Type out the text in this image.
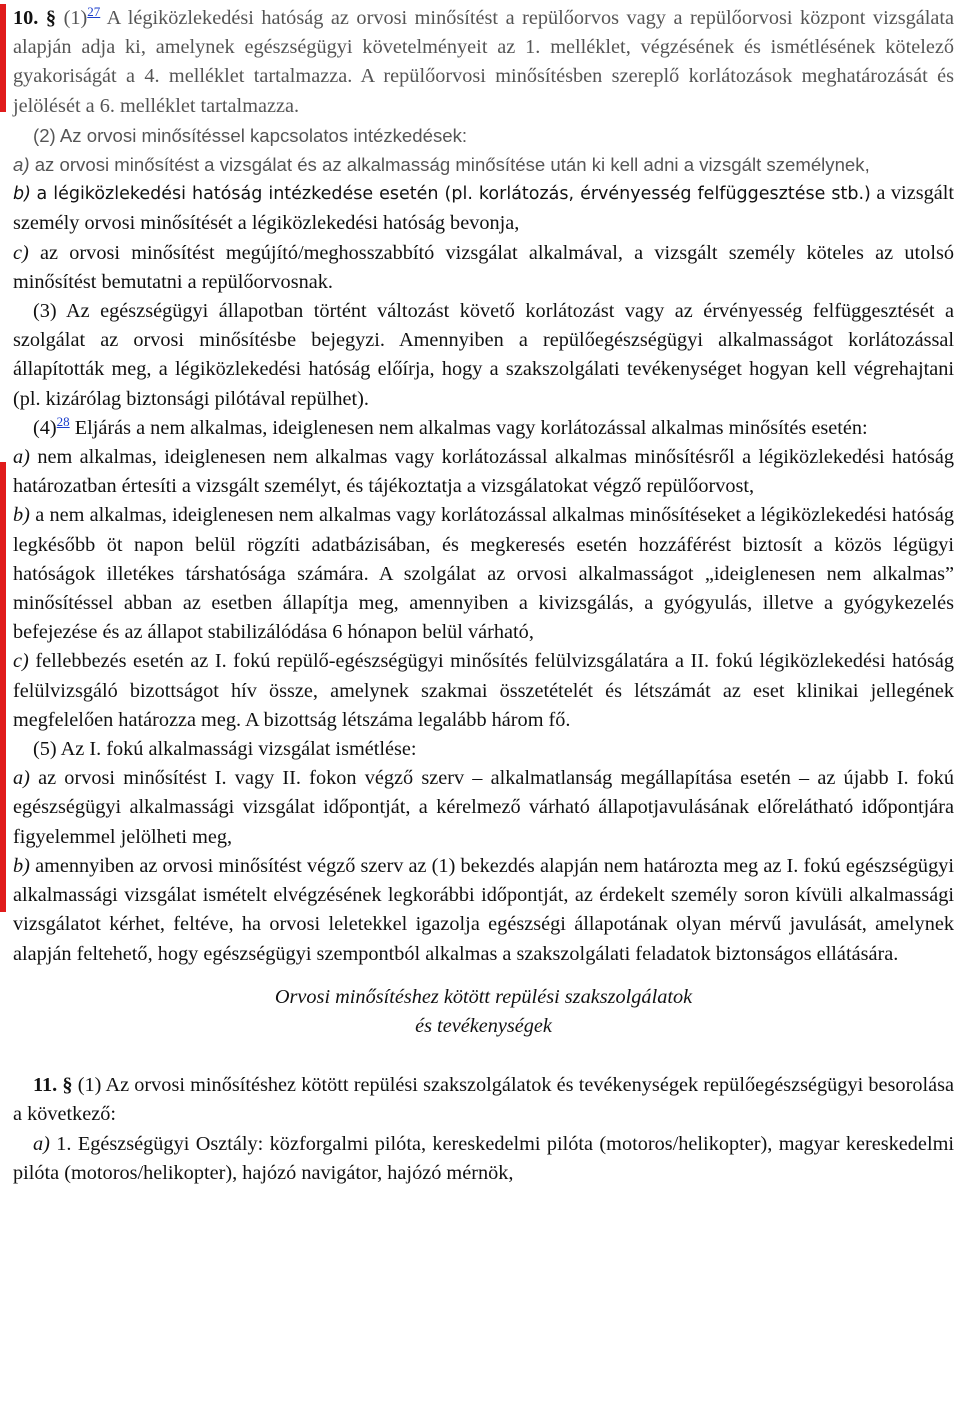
10. § (1)$^{27}$ A légiközlekedési hatóság az orvosi minősítést a repülőorvos vagy a repülőorvosi központ vizsgálata alapján adja ki, amelynek egészségügyi követelményeit az 1. melléklet, végzésének és ismétlésének kötelező gyakoriságát a 4. melléklet tartalmazza. A repülőorvosi minősítésben szereplő korlátozások meghatározását és jelölését a 6. melléklet tartalmazza.

(2) Az orvosi minősítéssel kapcsolatos intézkedések:

a) az orvosi minősítést a vizsgálat és az alkalmasság minősítése után ki kell adni a vizsgált személynek,

b) a légiközlekedési hatóság intézkedése esetén (pl. korlátozás, érvényesség felfüggesztése stb.) a vizsgált személy orvosi minősítését a légiközlekedési hatóság bevonja,

c) az orvosi minősítést megújító/meghosszabbító vizsgálat alkalmával, a vizsgált személy köteles az utolsó minősítést bemutatni a repülőorvosnak.

(3) Az egészségügyi állapotban történt változást követő korlátozást vagy az érvényesség felfüggesztését a szolgálat az orvosi minősítésbe bejegyzi. Amennyiben a repülőegészségügyi alkalmasságot korlátozással állapították meg, a légiközlekedési hatóság előírja, hogy a szakszolgálati tevékenységet hogyan kell végrehajtani (pl. kizárólag biztonsági pilótával repülhet).

(4)$^{28}$ Eljárás a nem alkalmas, ideiglenesen nem alkalmas vagy korlátozással alkalmas minősítés esetén:

a) nem alkalmas, ideiglenesen nem alkalmas vagy korlátozással alkalmas minősítésről a légiközlekedési hatóság határozatban értesíti a vizsgált személyt, és tájékoztatja a vizsgálatokat végző repülőorvost,

b) a nem alkalmas, ideiglenesen nem alkalmas vagy korlátozással alkalmas minősítéseket a légiközlekedési hatóság legkésőbb öt napon belül rögzíti adatbázisában, és megkeresés esetén hozzáférést biztosít a közös légügyi hatóságok illetékes társhatósága számára. A szolgálat az orvosi alkalmasságot „ideiglenesen nem alkalmas” minősítéssel abban az esetben állapítja meg, amennyiben a kivizsgálás, a gyógyulás, illetve a gyógykezelés befejezése és az állapot stabilizálódása 6 hónapon belül várható,

c) fellebbezés esetén az I. fokú repülő-egészségügyi minősítés felülvizsgálatára a II. fokú légiközlekedési hatóság felülvizsgáló bizottságot hív össze, amelynek szakmai összetételét és létszámát az eset klinikai jellegének megfelelően határozza meg. A bizottság létszáma legalább három fő.

(5) Az I. fokú alkalmassági vizsgálat ismétlése:

a) az orvosi minősítést I. vagy II. fokon végző szerv – alkalmatlanság megállapítása esetén – az újabb I. fokú egészségügyi alkalmassági vizsgálat időpontját, a kérelmező várható állapotjavulásának előrelátható időpontjára figyelemmel jelölheti meg,

b) amennyiben az orvosi minősítést végző szerv az (1) bekezdés alapján nem határozta meg az I. fokú egészségügyi alkalmassági vizsgálat ismételt elvégzésének legkorábbi időpontját, az érdekelt személy soron kívüli alkalmassági vizsgálatot kérhet, feltéve, ha orvosi leletekkel igazolja egészségi állapotának olyan mérvű javulását, amelynek alapján feltehető, hogy egészségügyi szempontból alkalmas a szakszolgálati feladatok biztonságos ellátására.

Orvosi minősítéshez kötött repülési szakszolgálatok
és tevékenységek

11. § (1) Az orvosi minősítéshez kötött repülési szakszolgálatok és tevékenységek repülőegészségügyi besorolása a következő:

a) 1. Egészségügyi Osztály: közforgalmi pilóta, kereskedelmi pilóta (motoros/helikopter), magyar kereskedelmi pilóta (motoros/helikopter), hajózó navigátor, hajózó mérnök,
